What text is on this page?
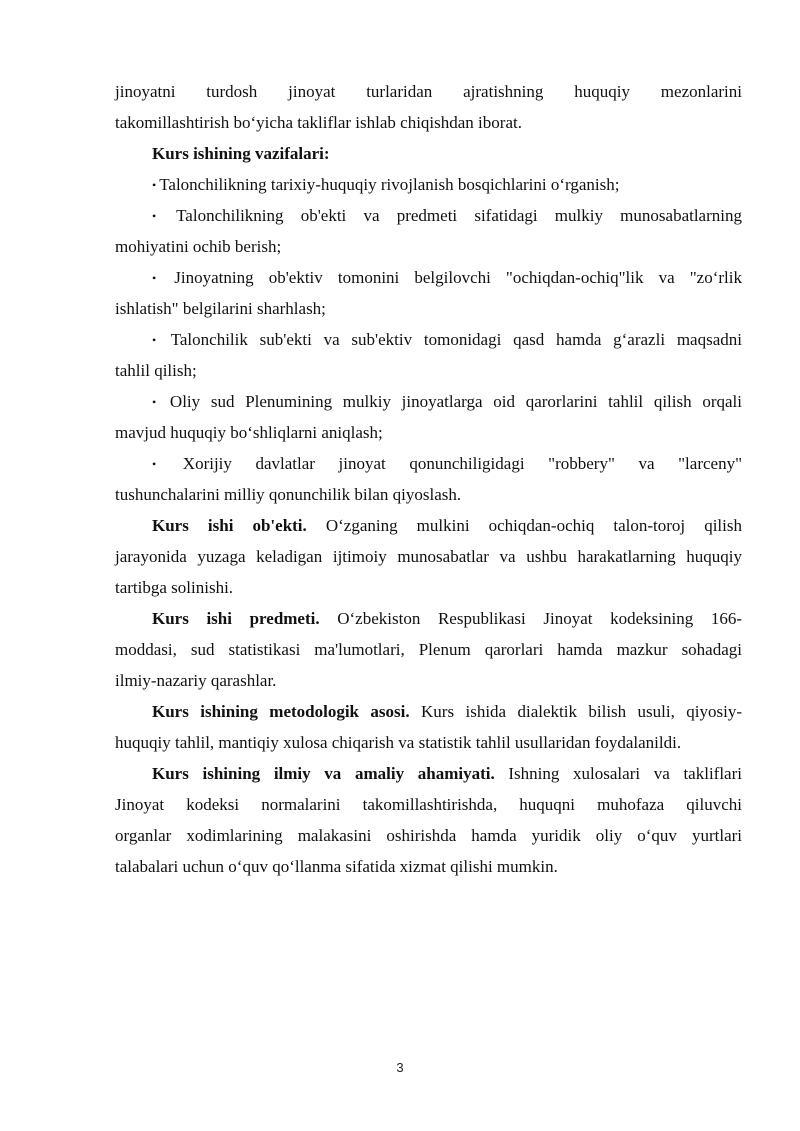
jinoyatni turdosh jinoyat turlaridan ajratishning huquqiy mezonlarini
takomillashtirish bo‘yicha takliflar ishlab chiqishdan iborat.
Kurs ishining vazifalari:
• Talonchilikning tarixiy-huquqiy rivojlanish bosqichlarini o‘rganish;
• Talonchilikning ob'ekti va predmeti sifatidagi mulkiy munosabatlarning
mohiyatini ochib berish;
• Jinoyatning ob'ektiv tomonini belgilovchi "ochiqdan-ochiq"lik va "zo‘rlik
ishlatish" belgilarini sharhlash;
• Talonchilik sub'ekti va sub'ektiv tomonidagi qasd hamda g‘arazli maqsadni
tahlil qilish;
• Oliy sud Plenumining mulkiy jinoyatlarga oid qarorlarini tahlil qilish orqali
mavjud huquqiy bo‘shliqlarni aniqlash;
• Xorijiy davlatlar jinoyat qonunchiligidagi "robbery" va "larceny"
tushunchalarini milliy qonunchilik bilan qiyoslash.
Kurs ishi ob'ekti. O‘zganing mulkini ochiqdan-ochiq talon-toroj qilish
jarayonida yuzaga keladigan ijtimoiy munosabatlar va ushbu harakatlarning huquqiy
tartibga solinishi.
Kurs ishi predmeti. O‘zbekiston Respublikasi Jinoyat kodeksining 166-
moddasi, sud statistikasi ma'lumotlari, Plenum qarorlari hamda mazkur sohadagi
ilmiy-nazariy qarashlar.
Kurs ishining metodologik asosi. Kurs ishida dialektik bilish usuli, qiyosiy-
huquqiy tahlil, mantiqiy xulosa chiqarish va statistik tahlil usullaridan foydalanildi.
Kurs ishining ilmiy va amaliy ahamiyati. Ishning xulosalari va takliflari
Jinoyat kodeksi normalarini takomillashtirishda, huquqni muhofaza qiluvchi
organlar xodimlarining malakasini oshirishda hamda yuridik oliy o‘quv yurtlari
talabalari uchun o‘quv qo‘llanma sifatida xizmat qilishi mumkin.
3
